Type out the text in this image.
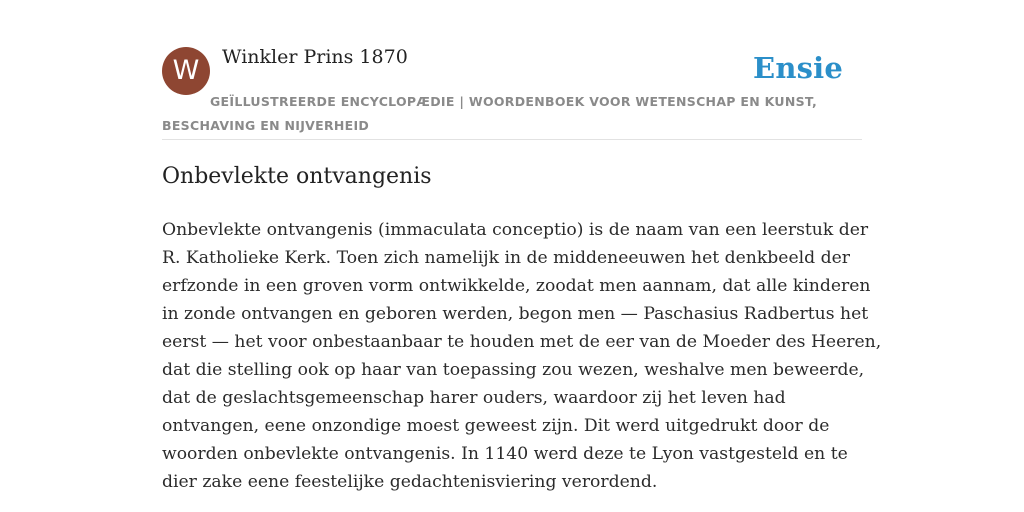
W	Winkler Prins 1870	Ensie
GEÏLLUSTREERDE ENCYCLOPÆDIE | WOORDENBOEK VOOR WETENSCHAP EN KUNST, BESCHAVING EN NIJVERHEID
Onbevlekte ontvangenis
Onbevlekte ontvangenis (immaculata conceptio) is de naam van een leerstuk der
R. Katholieke Kerk. Toen zich namelijk in de middeneeuwen het denkbeeld der
erfzonde in een groven vorm ontwikkelde, zoodat men aannam, dat alle kinderen
in zonde ontvangen en geboren werden, begon men — Paschasius Radbertus het
eerst — het voor onbestaanbaar te houden met de eer van de Moeder des Heeren,
dat die stelling ook op haar van toepassing zou wezen, weshalve men beweerde,
dat de geslachtsgemeenschap harer ouders, waardoor zij het leven had
ontvangen, eene onzondige moest geweest zijn. Dit werd uitgedrukt door de
woorden onbevlekte ontvangenis. In 1140 werd deze te Lyon vastgesteld en te
dier zake eene feestelijke gedachtenisviering verordend.
